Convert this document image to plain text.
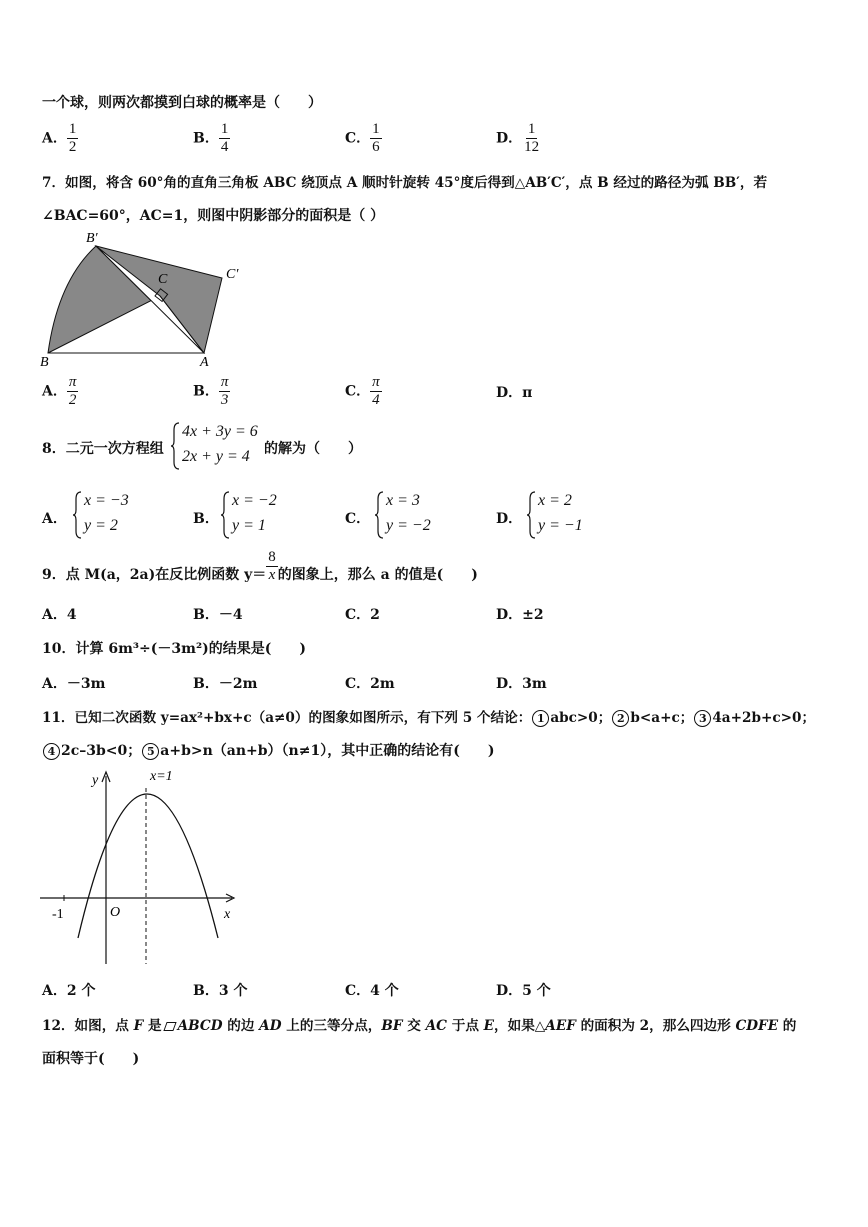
一个球，则两次都摸到白球的概率是（　　）
A． $\frac{1}{2}$	B． $\frac{1}{4}$	C． $\frac{1}{6}$	D． $\frac{1}{12}$
7．如图，将含 60°角的直角三角板 ABC 绕顶点 A 顺时针旋转 45°度后得到△AB′C′，点 B 经过的路径为弧 BB′，若
∠BAC=60°，AC=1，则图中阴影部分的面积是（ ）
B′
C′
C
B	A
A． $\frac{\pi}{2}$	B． $\frac{\pi}{3}$	C． $\frac{\pi}{4}$	D．π
8．二元一次方程组
4x + 3y = 6
2x + y = 4 的解为（　　）
A．
x = −3
y = 2	B．
x = −2
y = 1	C．
x = 3
y = −2	D．
x = 2
y = −1
9．点 M(a，2a)在反比例函数 $y= \frac{8}{x}$ 的图象上，那么 a 的值是(　　)
A．4	B．－4	C．2	D．±2
10．计算 6m³÷(－3m²)的结果是(　　)
A．－3m	B．－2m	C．2m	D．3m
11．已知二次函数 y=ax²+bx+c（a≠0）的图象如图所示，有下列 5 个结论： 1 abc>0； 2 b<a+c； 3 4a+2b+c>0；
4 2c–3b<0； 5 a+b>n（an+b）（n≠1），其中正确的结论有(　　)
y
x
x=1
O
-1
A．2 个	B．3 个	C．4 个	D．5 个
12．如图，点 F 是 ABCD 的边 AD 上的三等分点，BF 交 AC 于点 E，如果△AEF 的面积为 2，那么四边形 CDFE 的
面积等于(　　)
